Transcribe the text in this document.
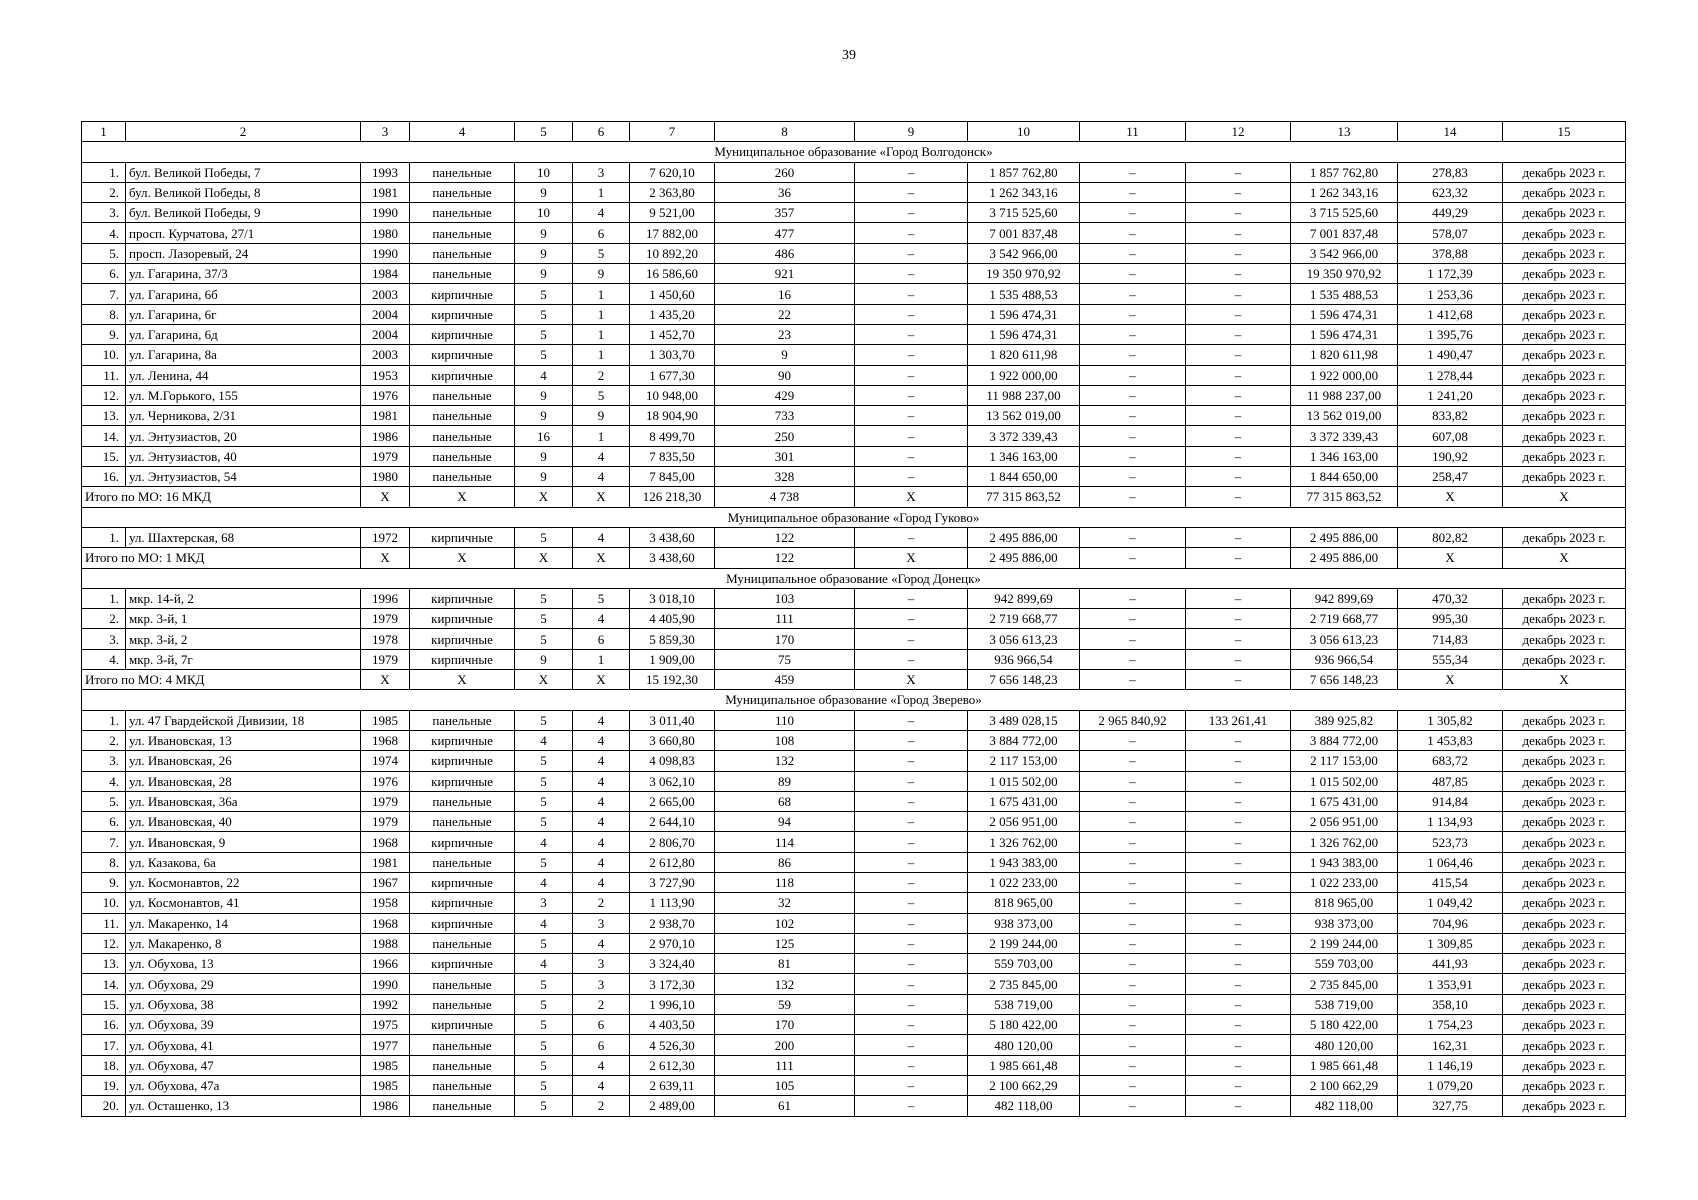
39
1	2	3	4	5	6	7	8	9	10	11	12	13	14	15
Муниципальное образование «Город Волгодонск»														
1.	бул. Великой Победы, 7	1993	панельные	10	3	7 620,10	260	–	1 857 762,80	–	–	1 857 762,80	278,83	декабрь 2023 г.
2.	бул. Великой Победы, 8	1981	панельные	9	1	2 363,80	36	–	1 262 343,16	–	–	1 262 343,16	623,32	декабрь 2023 г.
3.	бул. Великой Победы, 9	1990	панельные	10	4	9 521,00	357	–	3 715 525,60	–	–	3 715 525,60	449,29	декабрь 2023 г.
4.	просп. Курчатова, 27/1	1980	панельные	9	6	17 882,00	477	–	7 001 837,48	–	–	7 001 837,48	578,07	декабрь 2023 г.
5.	просп. Лазоревый, 24	1990	панельные	9	5	10 892,20	486	–	3 542 966,00	–	–	3 542 966,00	378,88	декабрь 2023 г.
6.	ул. Гагарина, 37/3	1984	панельные	9	9	16 586,60	921	–	19 350 970,92	–	–	19 350 970,92	1 172,39	декабрь 2023 г.
7.	ул. Гагарина, 6б	2003	кирпичные	5	1	1 450,60	16	–	1 535 488,53	–	–	1 535 488,53	1 253,36	декабрь 2023 г.
8.	ул. Гагарина, 6г	2004	кирпичные	5	1	1 435,20	22	–	1 596 474,31	–	–	1 596 474,31	1 412,68	декабрь 2023 г.
9.	ул. Гагарина, 6д	2004	кирпичные	5	1	1 452,70	23	–	1 596 474,31	–	–	1 596 474,31	1 395,76	декабрь 2023 г.
10.	ул. Гагарина, 8а	2003	кирпичные	5	1	1 303,70	9	–	1 820 611,98	–	–	1 820 611,98	1 490,47	декабрь 2023 г.
11.	ул. Ленина, 44	1953	кирпичные	4	2	1 677,30	90	–	1 922 000,00	–	–	1 922 000,00	1 278,44	декабрь 2023 г.
12.	ул. М.Горького, 155	1976	панельные	9	5	10 948,00	429	–	11 988 237,00	–	–	11 988 237,00	1 241,20	декабрь 2023 г.
13.	ул. Черникова, 2/31	1981	панельные	9	9	18 904,90	733	–	13 562 019,00	–	–	13 562 019,00	833,82	декабрь 2023 г.
14.	ул. Энтузиастов, 20	1986	панельные	16	1	8 499,70	250	–	3 372 339,43	–	–	3 372 339,43	607,08	декабрь 2023 г.
15.	ул. Энтузиастов, 40	1979	панельные	9	4	7 835,50	301	–	1 346 163,00	–	–	1 346 163,00	190,92	декабрь 2023 г.
16.	ул. Энтузиастов, 54	1980	панельные	9	4	7 845,00	328	–	1 844 650,00	–	–	1 844 650,00	258,47	декабрь 2023 г.
Итого по МО: 16 МКД		X	X	X	X	126 218,30	4 738	X	77 315 863,52	–	–	77 315 863,52	X	X
Муниципальное образование «Город Гуково»														
1.	ул. Шахтерская, 68	1972	кирпичные	5	4	3 438,60	122	–	2 495 886,00	–	–	2 495 886,00	802,82	декабрь 2023 г.
Итого по МО: 1 МКД		X	X	X	X	3 438,60	122	X	2 495 886,00	–	–	2 495 886,00	X	X
Муниципальное образование «Город Донецк»														
1.	мкр. 14-й, 2	1996	кирпичные	5	5	3 018,10	103	–	942 899,69	–	–	942 899,69	470,32	декабрь 2023 г.
2.	мкр. 3-й, 1	1979	кирпичные	5	4	4 405,90	111	–	2 719 668,77	–	–	2 719 668,77	995,30	декабрь 2023 г.
3.	мкр. 3-й, 2	1978	кирпичные	5	6	5 859,30	170	–	3 056 613,23	–	–	3 056 613,23	714,83	декабрь 2023 г.
4.	мкр. 3-й, 7г	1979	кирпичные	9	1	1 909,00	75	–	936 966,54	–	–	936 966,54	555,34	декабрь 2023 г.
Итого по МО: 4 МКД		X	X	X	X	15 192,30	459	X	7 656 148,23	–	–	7 656 148,23	X	X
Муниципальное образование «Город Зверево»														
1.	ул. 47 Гвардейской Дивизии, 18	1985	панельные	5	4	3 011,40	110	–	3 489 028,15	2 965 840,92	133 261,41	389 925,82	1 305,82	декабрь 2023 г.
2.	ул. Ивановская, 13	1968	кирпичные	4	4	3 660,80	108	–	3 884 772,00	–	–	3 884 772,00	1 453,83	декабрь 2023 г.
3.	ул. Ивановская, 26	1974	кирпичные	5	4	4 098,83	132	–	2 117 153,00	–	–	2 117 153,00	683,72	декабрь 2023 г.
4.	ул. Ивановская, 28	1976	кирпичные	5	4	3 062,10	89	–	1 015 502,00	–	–	1 015 502,00	487,85	декабрь 2023 г.
5.	ул. Ивановская, 36а	1979	панельные	5	4	2 665,00	68	–	1 675 431,00	–	–	1 675 431,00	914,84	декабрь 2023 г.
6.	ул. Ивановская, 40	1979	панельные	5	4	2 644,10	94	–	2 056 951,00	–	–	2 056 951,00	1 134,93	декабрь 2023 г.
7.	ул. Ивановская, 9	1968	кирпичные	4	4	2 806,70	114	–	1 326 762,00	–	–	1 326 762,00	523,73	декабрь 2023 г.
8.	ул. Казакова, 6а	1981	панельные	5	4	2 612,80	86	–	1 943 383,00	–	–	1 943 383,00	1 064,46	декабрь 2023 г.
9.	ул. Космонавтов, 22	1967	кирпичные	4	4	3 727,90	118	–	1 022 233,00	–	–	1 022 233,00	415,54	декабрь 2023 г.
10.	ул. Космонавтов, 41	1958	кирпичные	3	2	1 113,90	32	–	818 965,00	–	–	818 965,00	1 049,42	декабрь 2023 г.
11.	ул. Макаренко, 14	1968	кирпичные	4	3	2 938,70	102	–	938 373,00	–	–	938 373,00	704,96	декабрь 2023 г.
12.	ул. Макаренко, 8	1988	панельные	5	4	2 970,10	125	–	2 199 244,00	–	–	2 199 244,00	1 309,85	декабрь 2023 г.
13.	ул. Обухова, 13	1966	кирпичные	4	3	3 324,40	81	–	559 703,00	–	–	559 703,00	441,93	декабрь 2023 г.
14.	ул. Обухова, 29	1990	панельные	5	3	3 172,30	132	–	2 735 845,00	–	–	2 735 845,00	1 353,91	декабрь 2023 г.
15.	ул. Обухова, 38	1992	панельные	5	2	1 996,10	59	–	538 719,00	–	–	538 719,00	358,10	декабрь 2023 г.
16.	ул. Обухова, 39	1975	кирпичные	5	6	4 403,50	170	–	5 180 422,00	–	–	5 180 422,00	1 754,23	декабрь 2023 г.
17.	ул. Обухова, 41	1977	панельные	5	6	4 526,30	200	–	480 120,00	–	–	480 120,00	162,31	декабрь 2023 г.
18.	ул. Обухова, 47	1985	панельные	5	4	2 612,30	111	–	1 985 661,48	–	–	1 985 661,48	1 146,19	декабрь 2023 г.
19.	ул. Обухова, 47а	1985	панельные	5	4	2 639,11	105	–	2 100 662,29	–	–	2 100 662,29	1 079,20	декабрь 2023 г.
20.	ул. Осташенко, 13	1986	панельные	5	2	2 489,00	61	–	482 118,00	–	–	482 118,00	327,75	декабрь 2023 г.
